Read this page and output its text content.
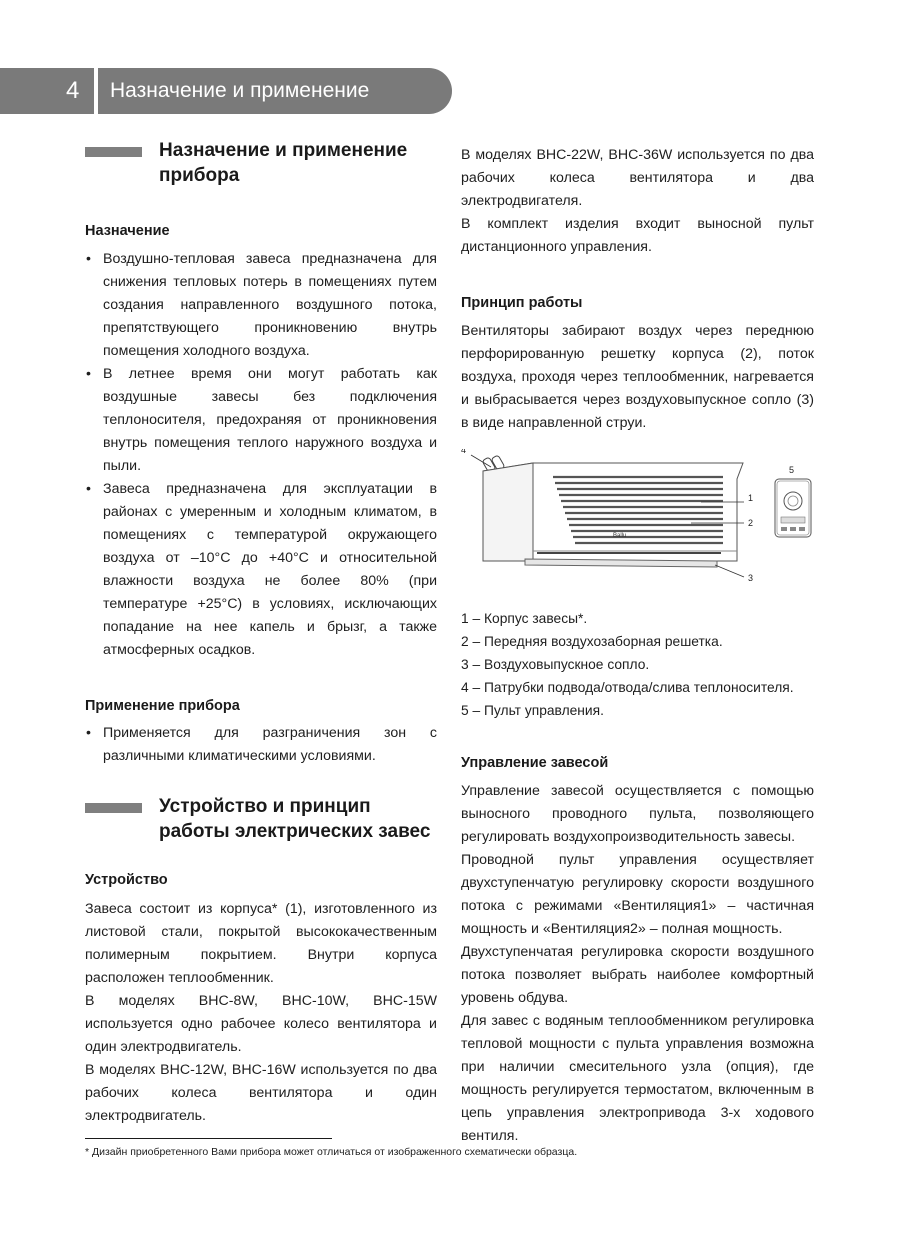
4 Назначение и применение
Назначение и применение прибора
Назначение
• Воздушно-тепловая завеса предназначена для снижения тепловых потерь в помещениях путем создания направленного воздушного потока, препятствующего проникновению внутрь помещения холодного воздуха.
• В летнее время они могут работать как воздушные завесы без подключения теплоносителя, предохраняя от проникновения внутрь помещения теплого наружного воздуха и пыли.
• Завеса предназначена для эксплуатации в районах с умеренным и холодным климатом, в помещениях с температурой окружающего воздуха от –10°С до +40°С и относительной влажности воздуха не более 80% (при температуре +25°С) в условиях, исключающих попадание на нее капель и брызг, а также атмосферных осадков.
Применение прибора
• Применяется для разграничения зон с различными климатическими условиями.
Устройство и принцип работы электрических завес
Устройство

Завеса состоит из корпуса* (1), изготовленного из листовой стали, покрытой высококачественным полимерным покрытием. Внутри корпуса расположен теплообменник.

В моделях BHC-8W, BHC-10W, BHC-15W используется одно рабочее колесо вентилятора и один электродвигатель.

В моделях BHC-12W, BHC-16W используется по два рабочих колеса вентилятора и один электродвигатель.

В моделях BHC-22W, BHC-36W используется по два рабочих колеса вентилятора и два электродвигателя.

В комплект изделия входит выносной пульт дистанционного управления.

Принцип работы

Вентиляторы забирают воздух через переднюю перфорированную решетку корпуса (2), поток воздуха, проходя через теплообменник, нагревается и выбрасывается через воздуховыпускное сопло (3) в виде направленной струи.

Ballu
4
1
2
3
5
1 – Корпус завесы*.
2 – Передняя воздухозаборная решетка.
3 – Воздуховыпускное сопло.
4 – Патрубки подвода/отвода/слива теплоносителя.
5 – Пульт управления.
Управление завесой

Управление завесой осуществляется с помощью выносного проводного пульта, позволяющего регулировать воздухопроизводительность завесы.

Проводной пульт управления осуществляет двухступенчатую регулировку скорости воздушного потока с режимами «Вентиляция1» – частичная мощность и «Вентиляция2» – полная мощность.

Двухступенчатая регулировка скорости воздушного потока позволяет выбрать наиболее комфортный уровень обдува.

Для завес с водяным теплообменником регулировка тепловой мощности с пульта управления возможна при наличии смесительного узла (опция), где мощность регулируется термостатом, включенным в цепь управления электропривода 3-х ходового вентиля.

* Дизайн приобретенного Вами прибора может отличаться от изображенного схематически образца.
